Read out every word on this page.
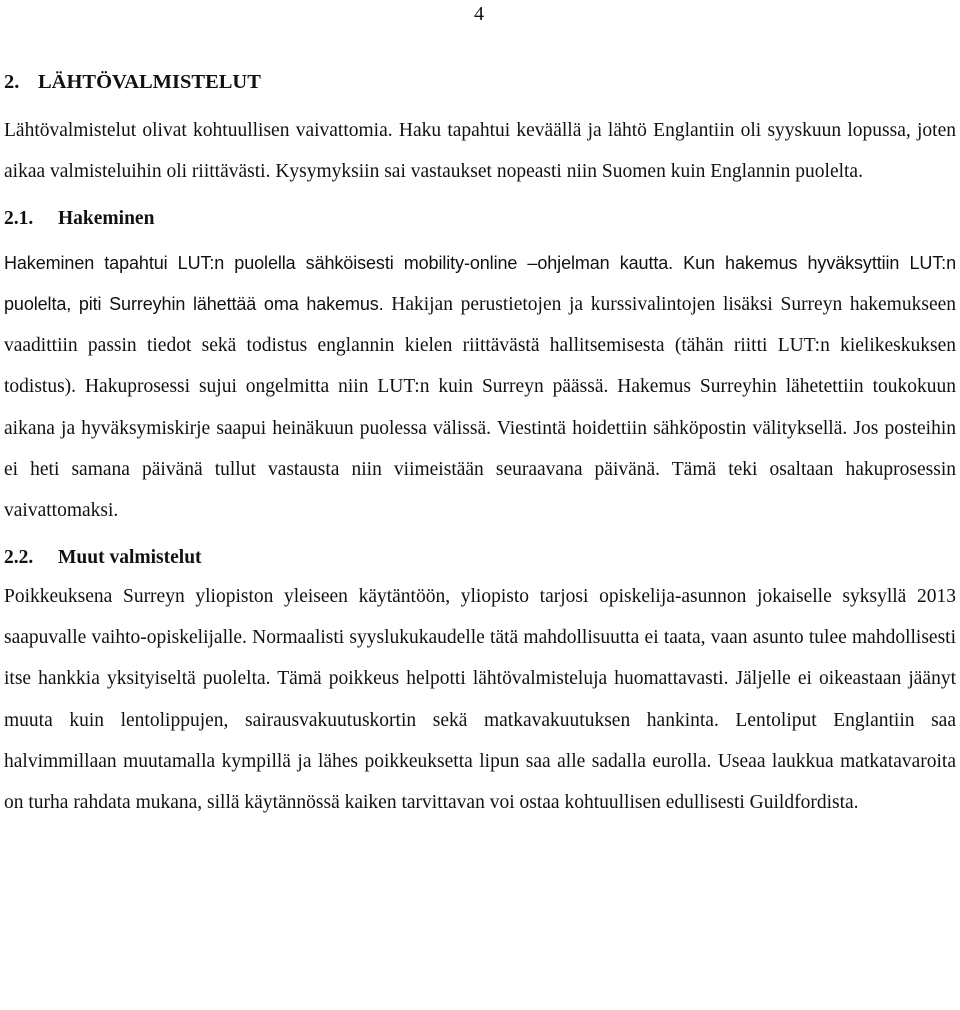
4
2. LÄHTÖVALMISTELUT

Lähtövalmistelut olivat kohtuullisen vaivattomia. Haku tapahtui keväällä ja lähtö Englantiin oli syyskuun lopussa, joten aikaa valmisteluihin oli riittävästi. Kysymyksiin sai vastaukset nopeasti niin Suomen kuin Englannin puolelta.

2.1. Hakeminen

Hakeminen tapahtui LUT:n puolella sähköisesti mobility-online –ohjelman kautta. Kun hakemus hyväksyttiin LUT:n puolelta, piti Surreyhin lähettää oma hakemus. Hakijan perustietojen ja kurssivalintojen lisäksi Surreyn hakemukseen vaadittiin passin tiedot sekä todistus englannin kielen riittävästä hallitsemisesta (tähän riitti LUT:n kielikeskuksen todistus). Hakuprosessi sujui ongelmitta niin LUT:n kuin Surreyn päässä. Hakemus Surreyhin lähetettiin toukokuun aikana ja hyväksymiskirje saapui heinäkuun puolessa välissä. Viestintä hoidettiin sähköpostin välityksellä. Jos posteihin ei heti samana päivänä tullut vastausta niin viimeistään seuraavana päivänä. Tämä teki osaltaan hakuprosessin vaivattomaksi.

2.2. Muut valmistelut

Poikkeuksena Surreyn yliopiston yleiseen käytäntöön, yliopisto tarjosi opiskelija-asunnon jokaiselle syksyllä 2013 saapuvalle vaihto-opiskelijalle. Normaalisti syyslukukaudelle tätä mahdollisuutta ei taata, vaan asunto tulee mahdollisesti itse hankkia yksityiseltä puolelta. Tämä poikkeus helpotti lähtövalmisteluja huomattavasti. Jäljelle ei oikeastaan jäänyt muuta kuin lentolippujen, sairausvakuutuskortin sekä matkavakuutuksen hankinta. Lentoliput Englantiin saa halvimmillaan muutamalla kympillä ja lähes poikkeuksetta lipun saa alle sadalla eurolla. Useaa laukkua matkatavaroita on turha rahdata mukana, sillä käytännössä kaiken tarvittavan voi ostaa kohtuullisen edullisesti Guildfordista.
